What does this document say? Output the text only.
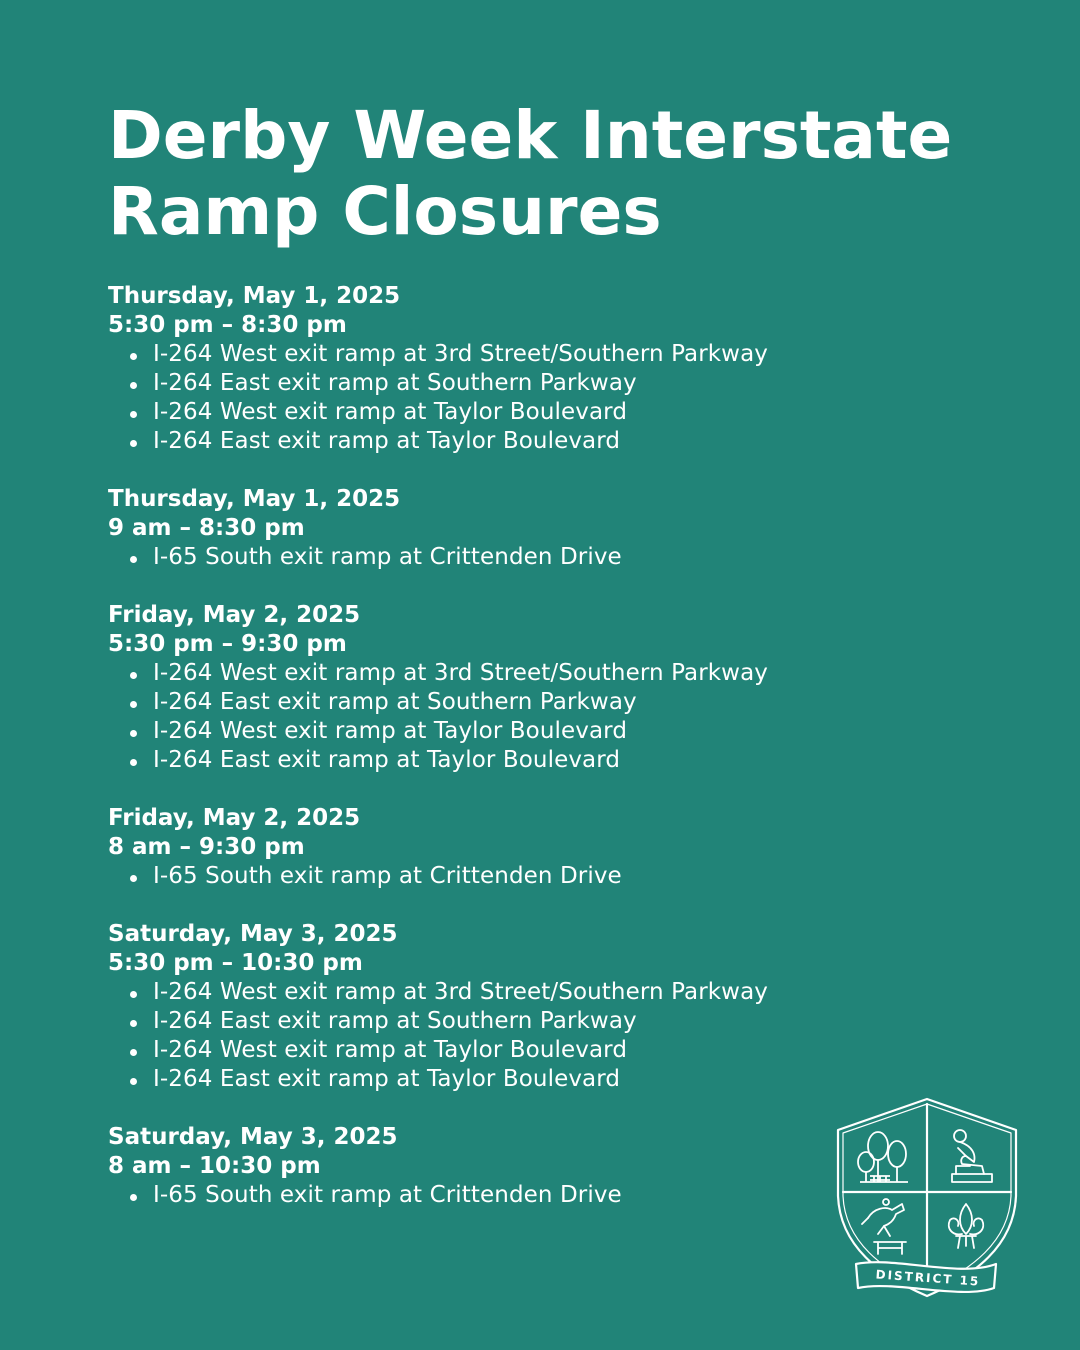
Derby Week Interstate
Ramp Closures
Thursday, May 1, 2025
5:30 pm – 8:30 pm
I-264 West exit ramp at 3rd Street/Southern Parkway
I-264 East exit ramp at Southern Parkway
I-264 West exit ramp at Taylor Boulevard
I-264 East exit ramp at Taylor Boulevard
Thursday, May 1, 2025
9 am – 8:30 pm
I-65 South exit ramp at Crittenden Drive
Friday, May 2, 2025
5:30 pm – 9:30 pm
I-264 West exit ramp at 3rd Street/Southern Parkway
I-264 East exit ramp at Southern Parkway
I-264 West exit ramp at Taylor Boulevard
I-264 East exit ramp at Taylor Boulevard
Friday, May 2, 2025
8 am – 9:30 pm
I-65 South exit ramp at Crittenden Drive
Saturday, May 3, 2025
5:30 pm – 10:30 pm
I-264 West exit ramp at 3rd Street/Southern Parkway
I-264 East exit ramp at Southern Parkway
I-264 West exit ramp at Taylor Boulevard
I-264 East exit ramp at Taylor Boulevard
Saturday, May 3, 2025
8 am – 10:30 pm
I-65 South exit ramp at Crittenden Drive
DISTRICT 15
